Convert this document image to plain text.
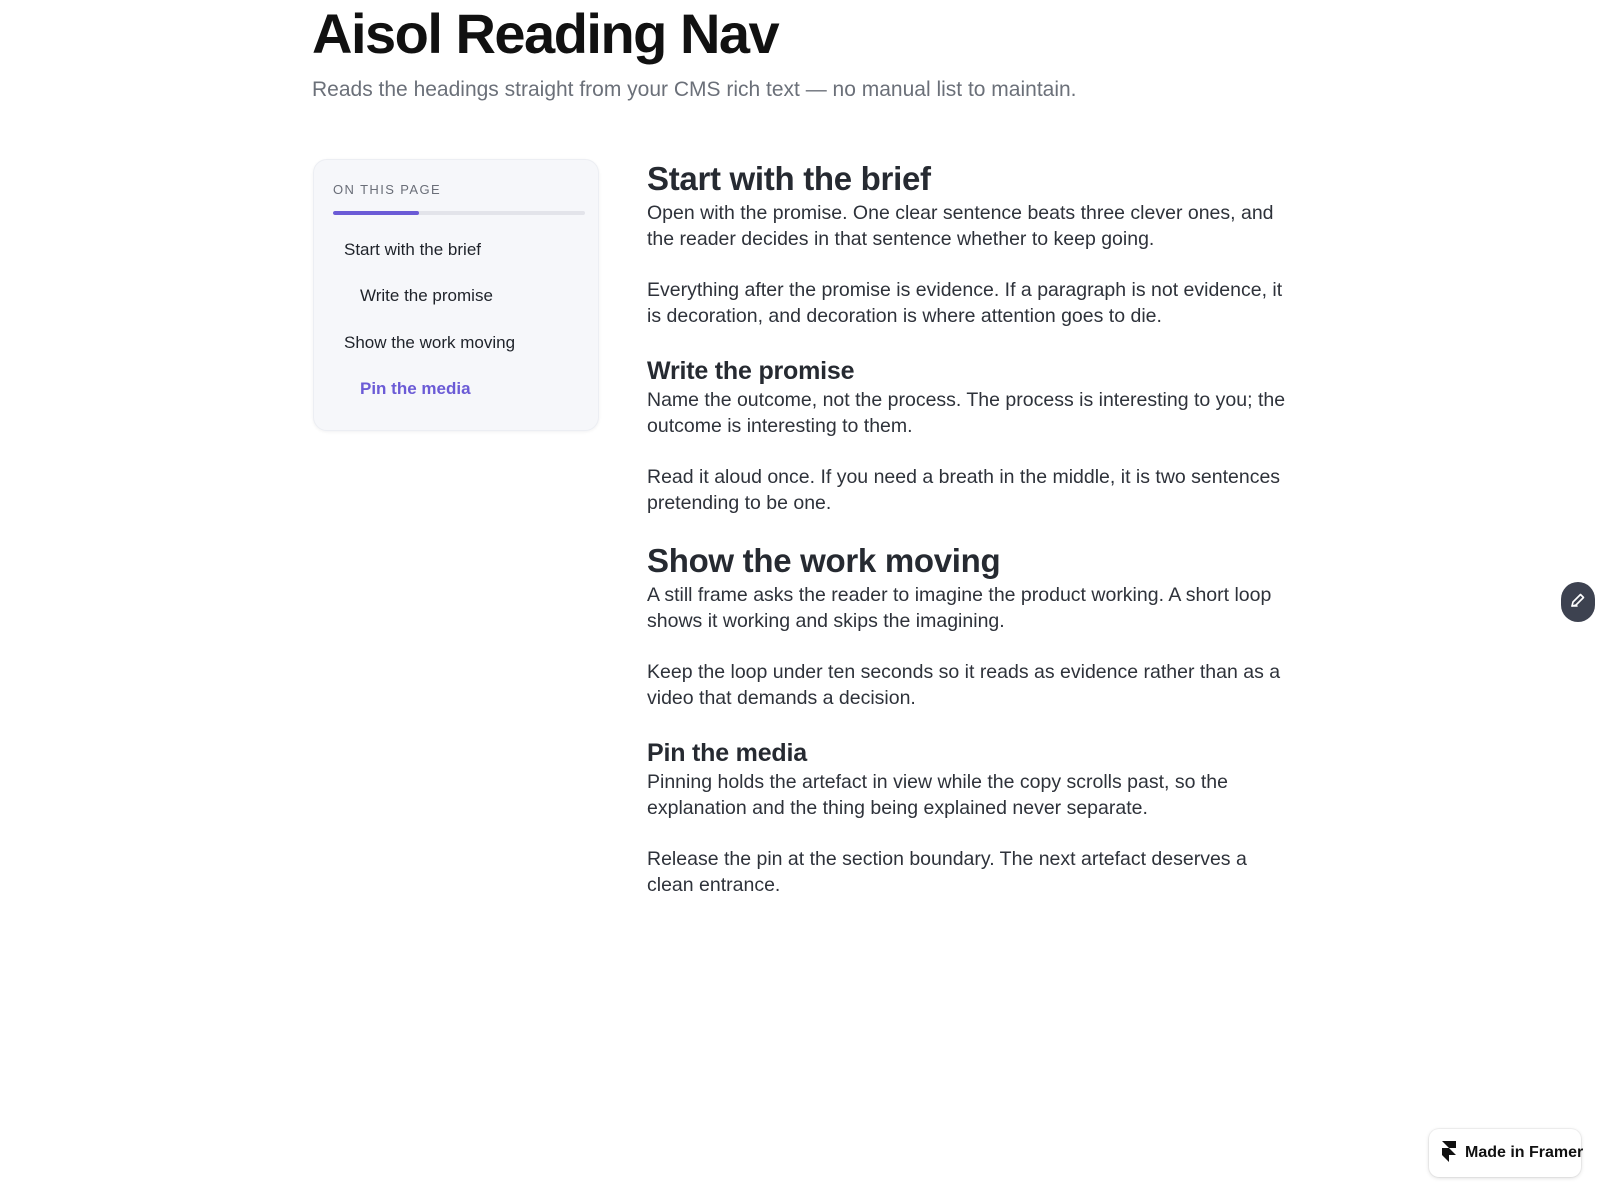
Aisol Reading Nav

Reads the headings straight from your CMS rich text — no manual list to maintain.

ON THIS PAGE
Start with the brief
Write the promise
Show the work moving
Pin the media
Start with the brief

Open with the promise. One clear sentence beats three clever ones, and the reader decides in that sentence whether to keep going.

Everything after the promise is evidence. If a paragraph is not evidence, it is decoration, and decoration is where attention goes to die.

Write the promise

Name the outcome, not the process. The process is interesting to you; the outcome is interesting to them.

Read it aloud once. If you need a breath in the middle, it is two sentences pretending to be one.

Show the work moving

A still frame asks the reader to imagine the product working. A short loop shows it working and skips the imagining.

Keep the loop under ten seconds so it reads as evidence rather than as a video that demands a decision.

Pin the media

Pinning holds the artefact in view while the copy scrolls past, so the explanation and the thing being explained never separate.

Release the pin at the section boundary. The next artefact deserves a clean entrance.

Made in Framer
